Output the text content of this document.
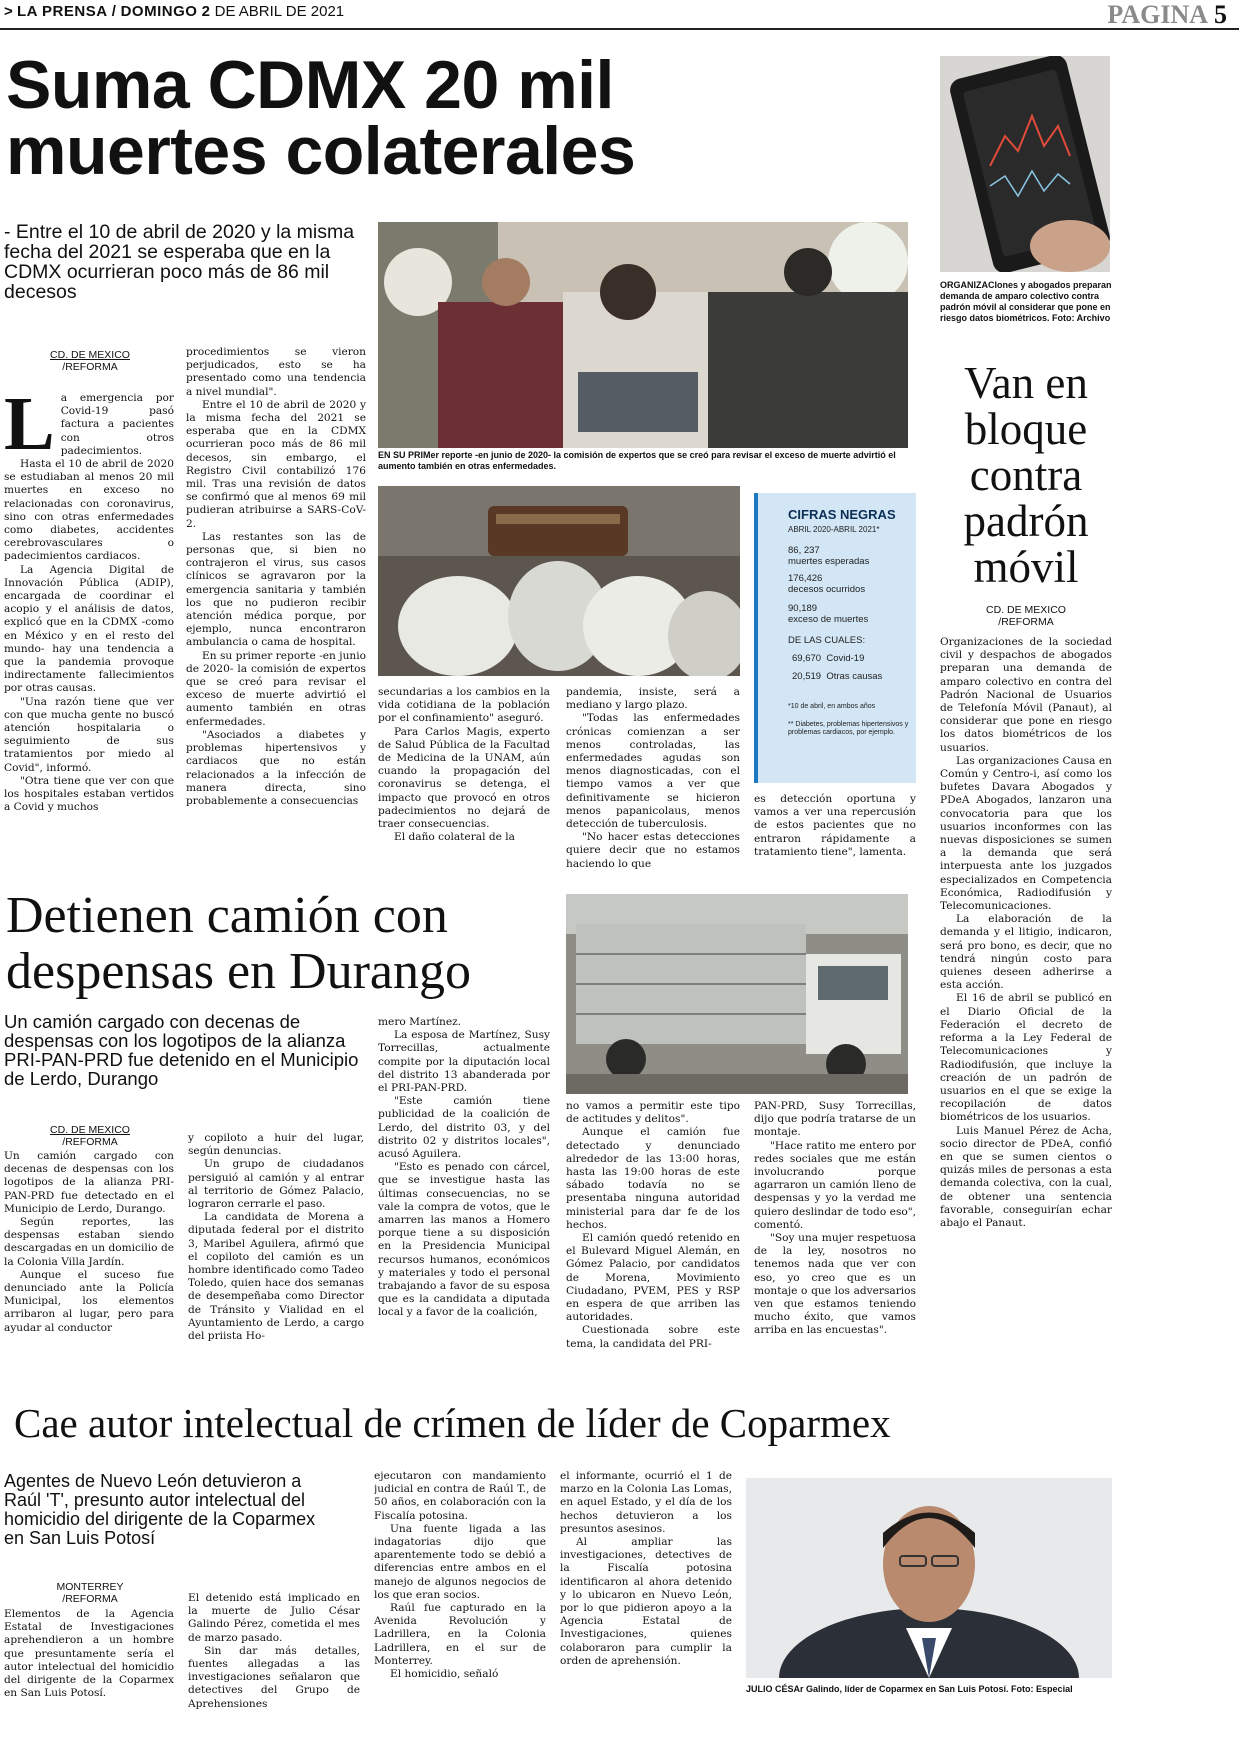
> LA PRENSA / DOMINGO 2 DE ABRIL DE 2021	PAGINA 5
Suma CDMX 20 mil
muertes colaterales
- Entre el 10 de abril de 2020 y la misma fecha del 2021 se esperaba que en la CDMX ocurrieran poco más de 86 mil decesos
CD. DE MEXICO
/REFORMA
L a emergencia por Covid-19 pasó factura a pacientes con otros padecimientos.

Hasta el 10 de abril de 2020 se estudiaban al menos 20 mil muertes en exceso no relacionadas con coronavirus, sino con otras enfermedades como diabetes, accidentes cerebrovasculares o padecimientos cardiacos.

La Agencia Digital de Innovación Pública (ADIP), encargada de coordinar el acopio y el análisis de datos, explicó que en la CDMX -como en México y en el resto del mundo- hay una tendencia a que la pandemia provoque indirectamente fallecimientos por otras causas.

"Una razón tiene que ver con que mucha gente no buscó atención hospitalaria o seguimiento de sus tratamientos por miedo al Covid", informó.

"Otra tiene que ver con que los hospitales estaban vertidos a Covid y muchos

procedimientos se vieron perjudicados, esto se ha presentado como una tendencia a nivel mundial".

Entre el 10 de abril de 2020 y la misma fecha del 2021 se esperaba que en la CDMX ocurrieran poco más de 86 mil decesos, sin embargo, el Registro Civil contabilizó 176 mil. Tras una revisión de datos se confirmó que al menos 69 mil pudieran atribuirse a SARS-CoV-2.

Las restantes son las de personas que, si bien no contrajeron el virus, sus casos clínicos se agravaron por la emergencia sanitaria y también los que no pudieron recibir atención médica porque, por ejemplo, nunca encontraron ambulancia o cama de hospital.

En su primer reporte -en junio de 2020- la comisión de expertos que se creó para revisar el exceso de muerte advirtió el aumento también en otras enfermedades.

"Asociados a diabetes y problemas hipertensivos y cardiacos que no están relacionados a la infección de manera directa, sino probablemente a consecuencias

EN SU PRIMer reporte -en junio de 2020- la comisión de expertos que se creó para revisar el exceso de muerte advirtió el aumento también en otras enfermedades.
CIFRAS NEGRAS
ABRIL 2020-ABRIL 2021*
86, 237
muertes esperadas
176,426
decesos ocurridos
90,189
exceso de muertes
DE LAS CUALES:
69,670 Covid-19
20,519 Otras causas
*10 de abril, en ambos años
** Diabetes, problemas hipertensivos y problemas cardiacos, por ejemplo.

secundarias a los cambios en la vida cotidiana de la población por el confinamiento" aseguró.

Para Carlos Magis, experto de Salud Pública de la Facultad de Medicina de la UNAM, aún cuando la propagación del coronavirus se detenga, el impacto que provocó en otros padecimientos no dejará de traer consecuencias.

El daño colateral de la

pandemia, insiste, será a mediano y largo plazo.

"Todas las enfermedades crónicas comienzan a ser menos controladas, las enfermedades agudas son menos diagnosticadas, con el tiempo vamos a ver que definitivamente se hicieron menos papanicolaus, menos detección de tuberculosis.

"No hacer estas detecciones quiere decir que no estamos haciendo lo que

es detección oportuna y vamos a ver una repercusión de estos pacientes que no entraron rápidamente a tratamiento tiene", lamenta.

ORGANIZACIones y abogados preparan demanda de amparo colectivo contra padrón móvil al considerar que pone en riesgo datos biométricos. Foto: Archivo
Van en
bloque
contra
padrón
móvil
CD. DE MEXICO
/REFORMA

Organizaciones de la sociedad civil y despachos de abogados preparan una demanda de amparo colectivo en contra del Padrón Nacional de Usuarios de Telefonía Móvil (Panaut), al considerar que pone en riesgo los datos biométricos de los usuarios.

Las organizaciones Causa en Común y Centro-i, así como los bufetes Davara Abogados y PDeA Abogados, lanzaron una convocatoria para que los usuarios inconformes con las nuevas disposiciones se sumen a la demanda que será interpuesta ante los juzgados especializados en Competencia Económica, Radiodifusión y Telecomunicaciones.

La elaboración de la demanda y el litigio, indicaron, será pro bono, es decir, que no tendrá ningún costo para quienes deseen adherirse a esta acción.

El 16 de abril se publicó en el Diario Oficial de la Federación el decreto de reforma a la Ley Federal de Telecomunicaciones y Radiodifusión, que incluye la creación de un padrón de usuarios en el que se exige la recopilación de datos biométricos de los usuarios.

Luis Manuel Pérez de Acha, socio director de PDeA, confió en que se sumen cientos o quizás miles de personas a esta demanda colectiva, con la cual, de obtener una sentencia favorable, conseguirían echar abajo el Panaut.

Detienen camión con
despensas en Durango
Un camión cargado con decenas de despensas con los logotipos de la alianza PRI-PAN-PRD fue detenido en el Municipio de Lerdo, Durango
CD. DE MEXICO
/REFORMA

Un camión cargado con decenas de despensas con los logotipos de la alianza PRI-PAN-PRD fue detectado en el Municipio de Lerdo, Durango.

Según reportes, las despensas estaban siendo descargadas en un domicilio de la Colonia Villa Jardín.

Aunque el suceso fue denunciado ante la Policía Municipal, los elementos arribaron al lugar, pero para ayudar al conductor

y copiloto a huir del lugar, según denuncias.

Un grupo de ciudadanos persiguió al camión y al entrar al territorio de Gómez Palacio, lograron cerrarle el paso.

La candidata de Morena a diputada federal por el distrito 3, Maribel Aguilera, afirmó que el copiloto del camión es un hombre identificado como Tadeo Toledo, quien hace dos semanas de desempeñaba como Director de Tránsito y Vialidad en el Ayuntamiento de Lerdo, a cargo del priista Ho-

mero Martínez.

La esposa de Martínez, Susy Torrecillas, actualmente compite por la diputación local del distrito 13 abanderada por el PRI-PAN-PRD.

"Este camión tiene publicidad de la coalición de Lerdo, del distrito 03, y del distrito 02 y distritos locales", acusó Aguilera.

"Esto es penado con cárcel, que se investigue hasta las últimas consecuencias, no se vale la compra de votos, que le amarren las manos a Homero porque tiene a su disposición en la Presidencia Municipal recursos humanos, económicos y materiales y todo el personal trabajando a favor de su esposa que es la candidata a diputada local y a favor de la coalición,

no vamos a permitir este tipo de actitudes y delitos".

Aunque el camión fue detectado y denunciado alrededor de las 13:00 horas, hasta las 19:00 horas de este sábado todavía no se presentaba ninguna autoridad ministerial para dar fe de los hechos.

El camión quedó retenido en el Bulevard Miguel Alemán, en Gómez Palacio, por candidatos de Morena, Movimiento Ciudadano, PVEM, PES y RSP en espera de que arriben las autoridades.

Cuestionada sobre este tema, la candidata del PRI-

PAN-PRD, Susy Torrecillas, dijo que podría tratarse de un montaje.

"Hace ratito me entero por redes sociales que me están involucrando porque agarraron un camión lleno de despensas y yo la verdad me quiero deslindar de todo eso", comentó.

"Soy una mujer respetuosa de la ley, nosotros no tenemos nada que ver con eso, yo creo que es un montaje o que los adversarios ven que estamos teniendo mucho éxito, que vamos arriba en las encuestas".

Cae autor intelectual de crímen de líder de Coparmex
Agentes de Nuevo León detuvieron a Raúl 'T', presunto autor intelectual del homicidio del dirigente de la Coparmex en San Luis Potosí
MONTERREY
/REFORMA

Elementos de la Agencia Estatal de Investigaciones aprehendieron a un hombre que presuntamente sería el autor intelectual del homicidio del dirigente de la Coparmex en San Luis Potosí.

El detenido está implicado en la muerte de Julio César Galindo Pérez, cometida el mes de marzo pasado.

Sin dar más detalles, fuentes allegadas a las investigaciones señalaron que detectives del Grupo de Aprehensiones

ejecutaron con mandamiento judicial en contra de Raúl T., de 50 años, en colaboración con la Fiscalía potosina.

Una fuente ligada a las indagatorias dijo que aparentemente todo se debió a diferencias entre ambos en el manejo de algunos negocios de los que eran socios.

Raúl fue capturado en la Avenida Revolución y Ladrillera, en la Colonia Ladrillera, en el sur de Monterrey.

El homicidio, señaló

el informante, ocurrió el 1 de marzo en la Colonia Las Lomas, en aquel Estado, y el día de los hechos detuvieron a los presuntos asesinos.

Al ampliar las investigaciones, detectives de la Fiscalía potosina identificaron al ahora detenido y lo ubicaron en Nuevo León, por lo que pidieron apoyo a la Agencia Estatal de Investigaciones, quienes colaboraron para cumplir la orden de aprehensión.

JULIO CÉSAr Galindo, líder de Coparmex en San Luis Potosí. Foto: Especial
